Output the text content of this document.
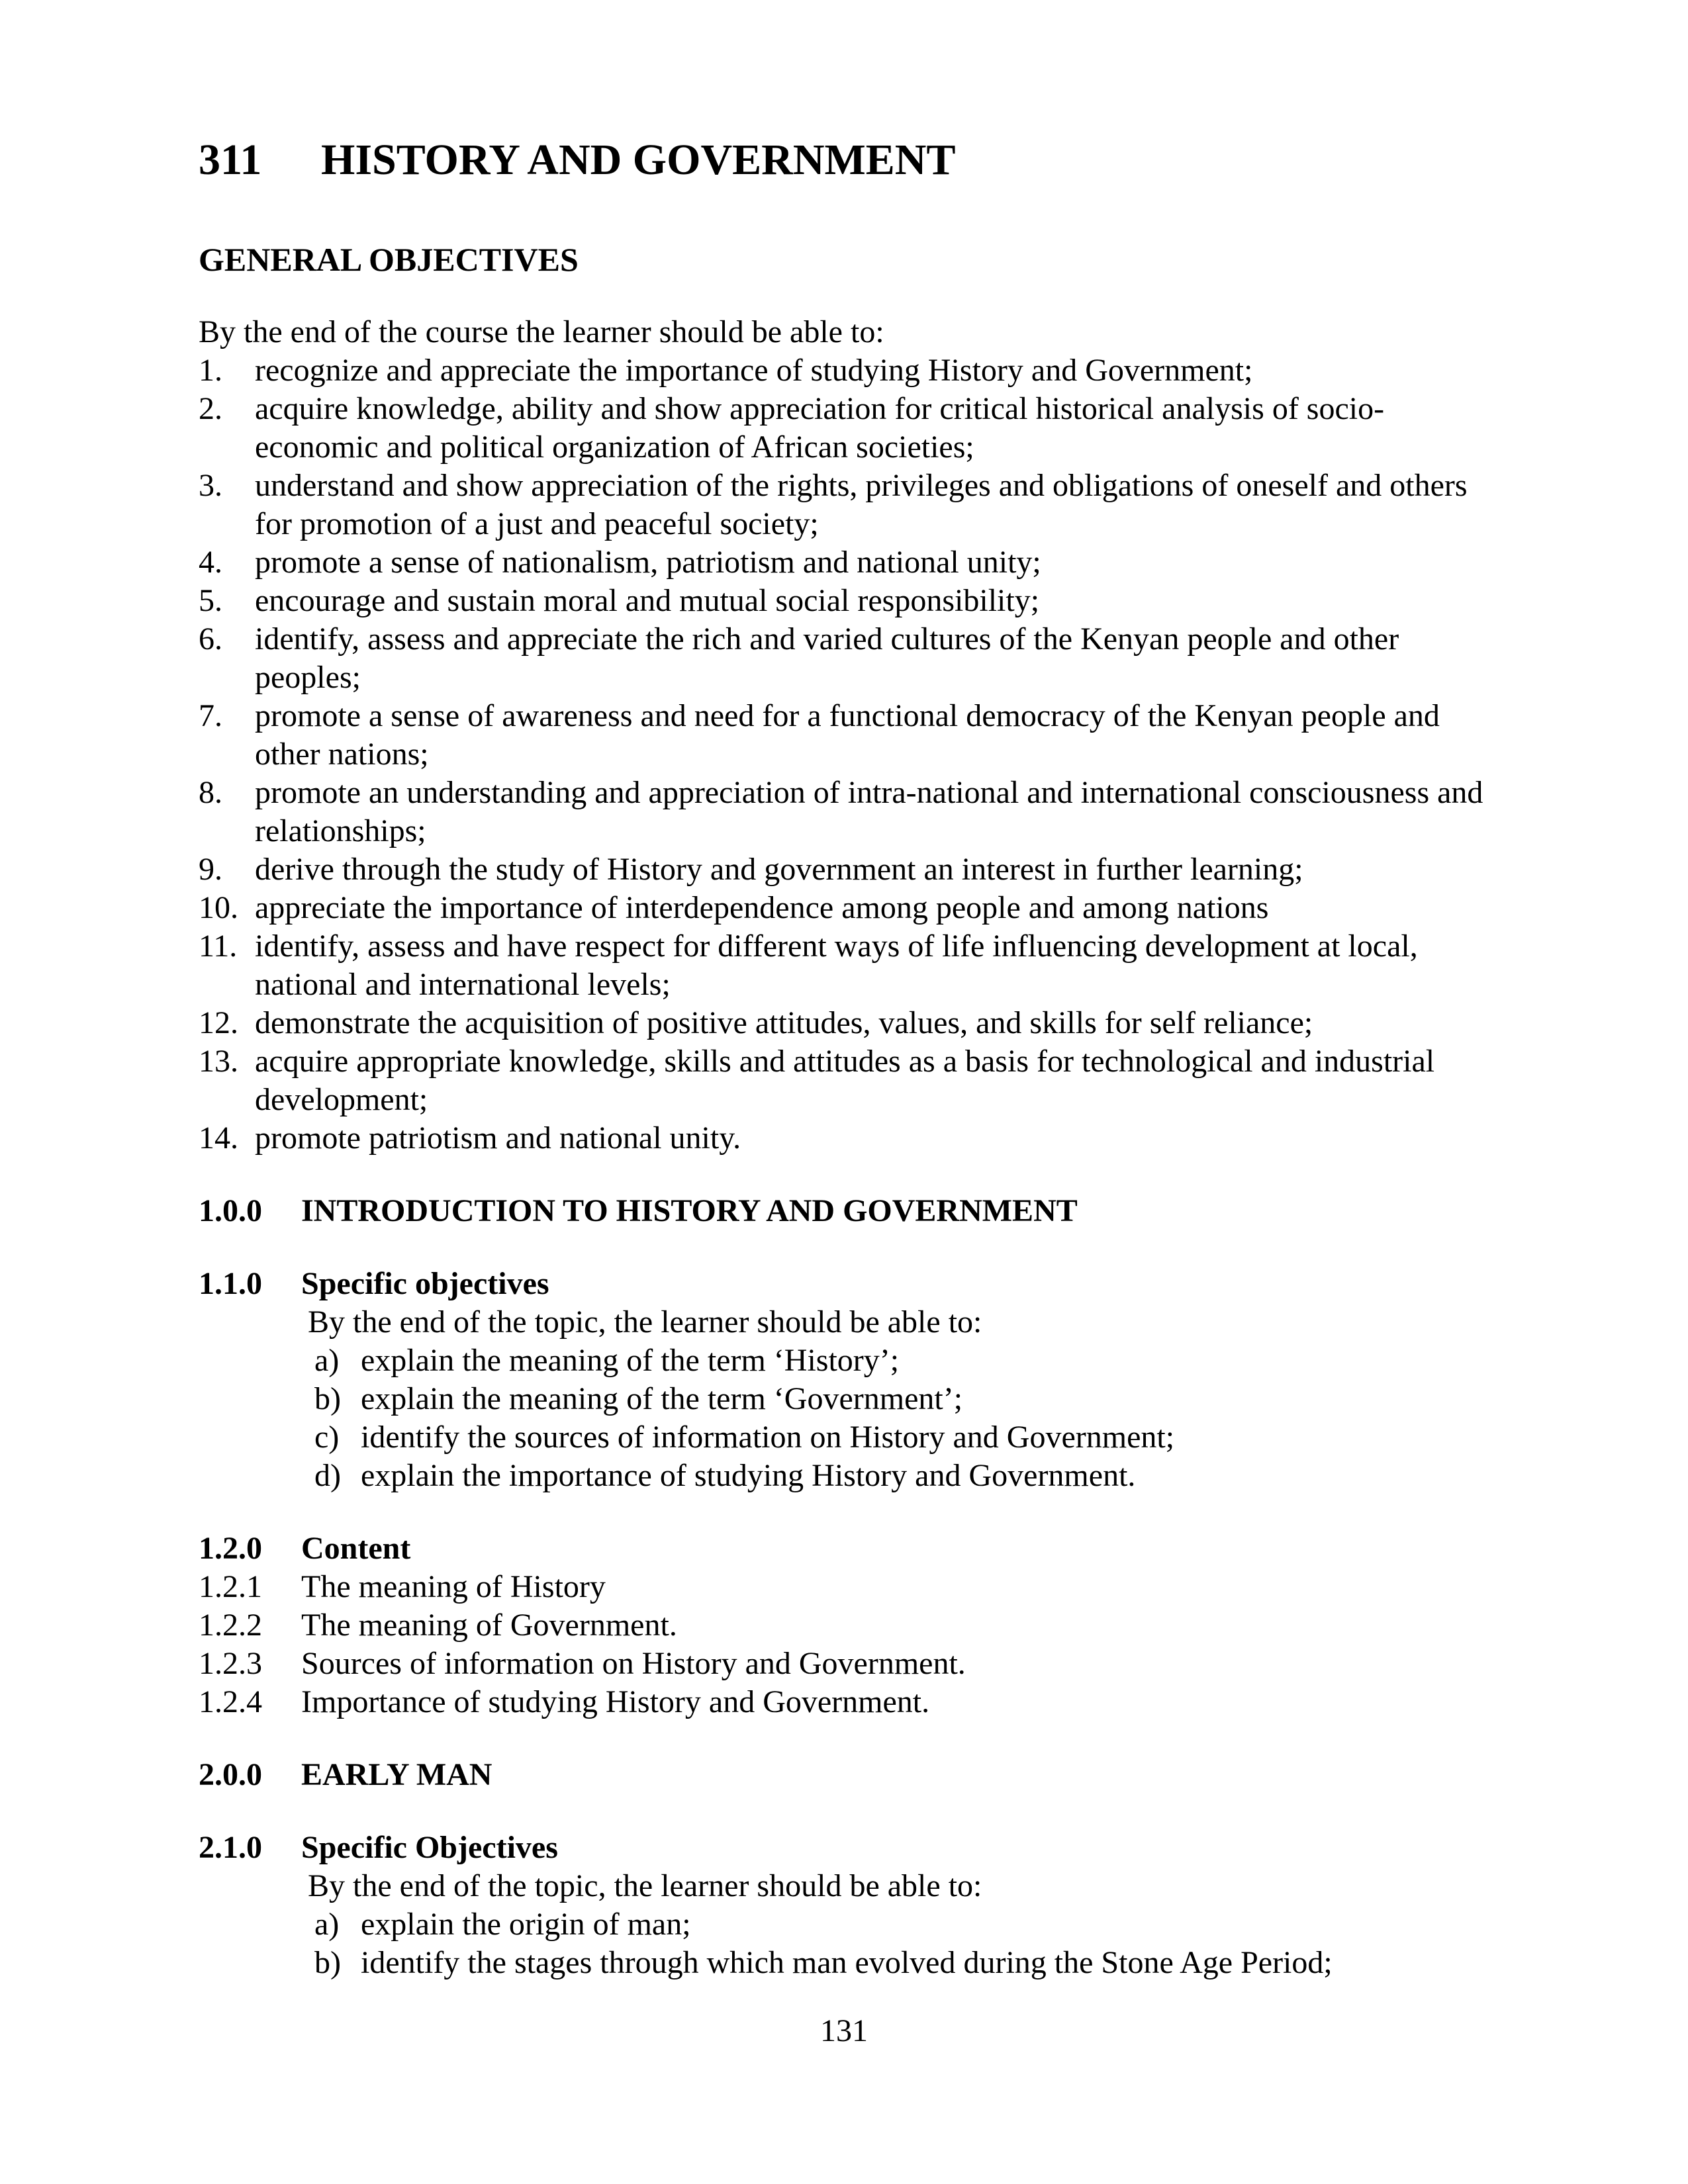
311	HISTORY AND GOVERNMENT
GENERAL OBJECTIVES

By the end of the course the learner should be able to:

1.	recognize and appreciate the importance of studying History and Government;
2.	acquire knowledge, ability and show appreciation for critical historical analysis of socio-economic and political organization of African societies;
3.	understand and show appreciation of the rights, privileges and obligations of oneself and others for promotion of a just and peaceful society;
4.	promote a sense of nationalism, patriotism and national unity;
5.	encourage and sustain moral and mutual social responsibility;
6.	identify, assess and appreciate the rich and varied cultures of the Kenyan people and other peoples;
7.	promote a sense of awareness and need for a functional democracy of the Kenyan people and other nations;
8.	promote an understanding and appreciation of intra-national and international consciousness and relationships;
9.	derive through the study of History and government an interest in further learning;
10. appreciate the importance of interdependence among people and among nations
11. identify, assess and have respect for different ways of life influencing development at local, national and international levels;
12. demonstrate the acquisition of positive attitudes, values, and skills for self reliance;
13. acquire appropriate knowledge, skills and attitudes as a basis for technological and industrial development;
14. promote patriotism and national unity.
1.0.0	INTRODUCTION TO HISTORY AND GOVERNMENT
1.1.0	Specific objectives

By the end of the topic, the learner should be able to:

a) explain the meaning of the term ‘History’;
b) explain the meaning of the term ‘Government’;
c) identify the sources of information on History and Government;
d) explain the importance of studying History and Government.
1.2.0	Content
1.2.1	The meaning of History
1.2.2	The meaning of Government.
1.2.3	Sources of information on History and Government.
1.2.4	Importance of studying History and Government.
2.0.0	EARLY MAN
2.1.0	Specific Objectives

By the end of the topic, the learner should be able to:

a) explain the origin of man;
b) identify the stages through which man evolved during the Stone Age Period;
131
